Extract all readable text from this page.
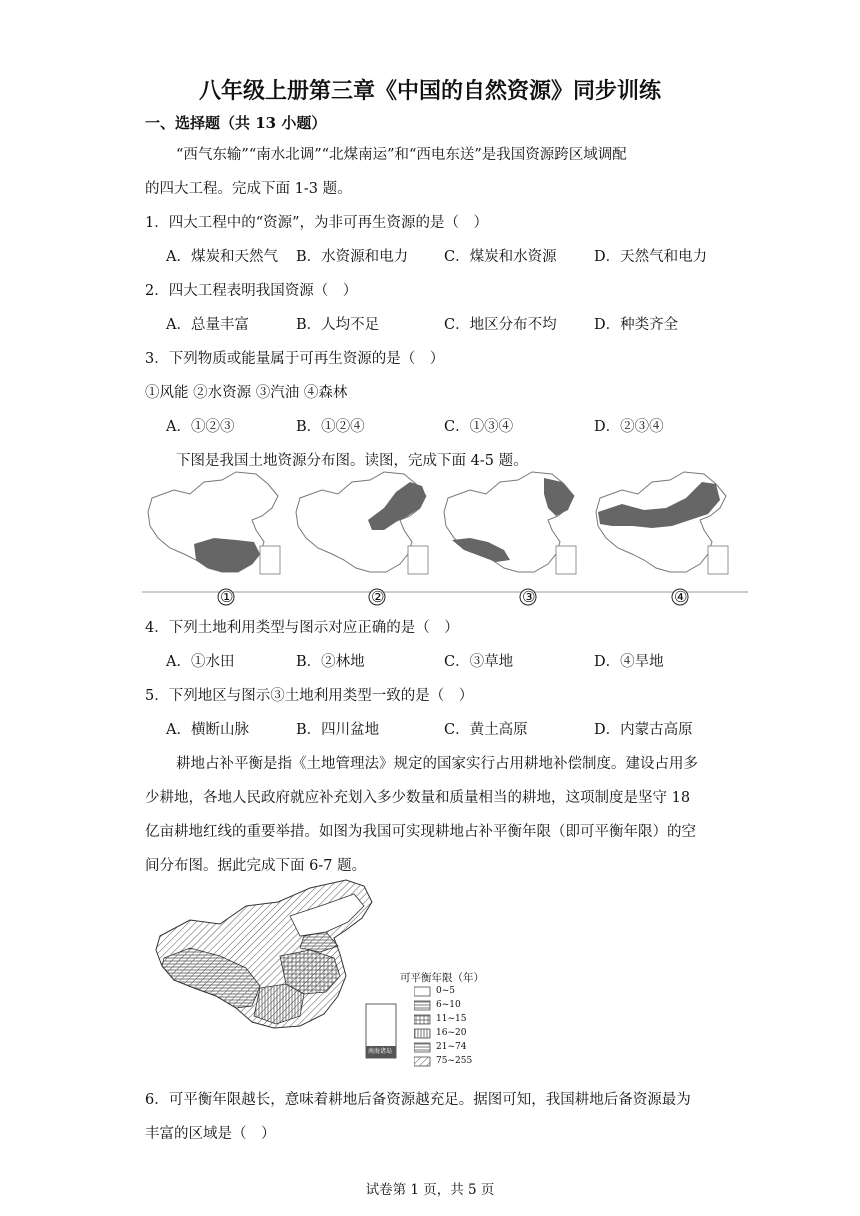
八年级上册第三章《中国的自然资源》同步训练
一、选择题（共 13 小题）
“西气东输”“南水北调”“北煤南运”和“西电东送”是我国资源跨区域调配
的四大工程。完成下面 1-3 题。
1．四大工程中的“资源”，为非可再生资源的是（　）
A．煤炭和天然气 B．水资源和电力 C．煤炭和水资源	D．天然气和电力
2．四大工程表明我国资源（　）
A．总量丰富	B．人均不足	C．地区分布不均	D．种类齐全
3．下列物质或能量属于可再生资源的是（　）
①风能 ②水资源 ③汽油 ④森林
A．①②③	B．①②④	C．①③④	D．②③④
下图是我国土地资源分布图。读图，完成下面 4-5 题。
①	②	③	④
4．下列土地利用类型与图示对应正确的是（　）
A．①水田	B．②林地	C．③草地	D．④旱地
5．下列地区与图示③土地利用类型一致的是（　）
A．横断山脉	B．四川盆地	C．黄土高原	D．内蒙古高原
耕地占补平衡是指《土地管理法》规定的国家实行占用耕地补偿制度。建设占用多
少耕地，各地人民政府就应补充划入多少数量和质量相当的耕地，这项制度是坚守 18
亿亩耕地红线的重要举措。如图为我国可实现耕地占补平衡年限（即可平衡年限）的空
间分布图。据此完成下面 6-7 题。
南海诸岛
可平衡年限（年）
0~5
6~10
11~15
16~20
21~74
75~255
6．可平衡年限越长，意味着耕地后备资源越充足。据图可知，我国耕地后备资源最为
丰富的区域是（　）
试卷第 1 页，共 5 页
